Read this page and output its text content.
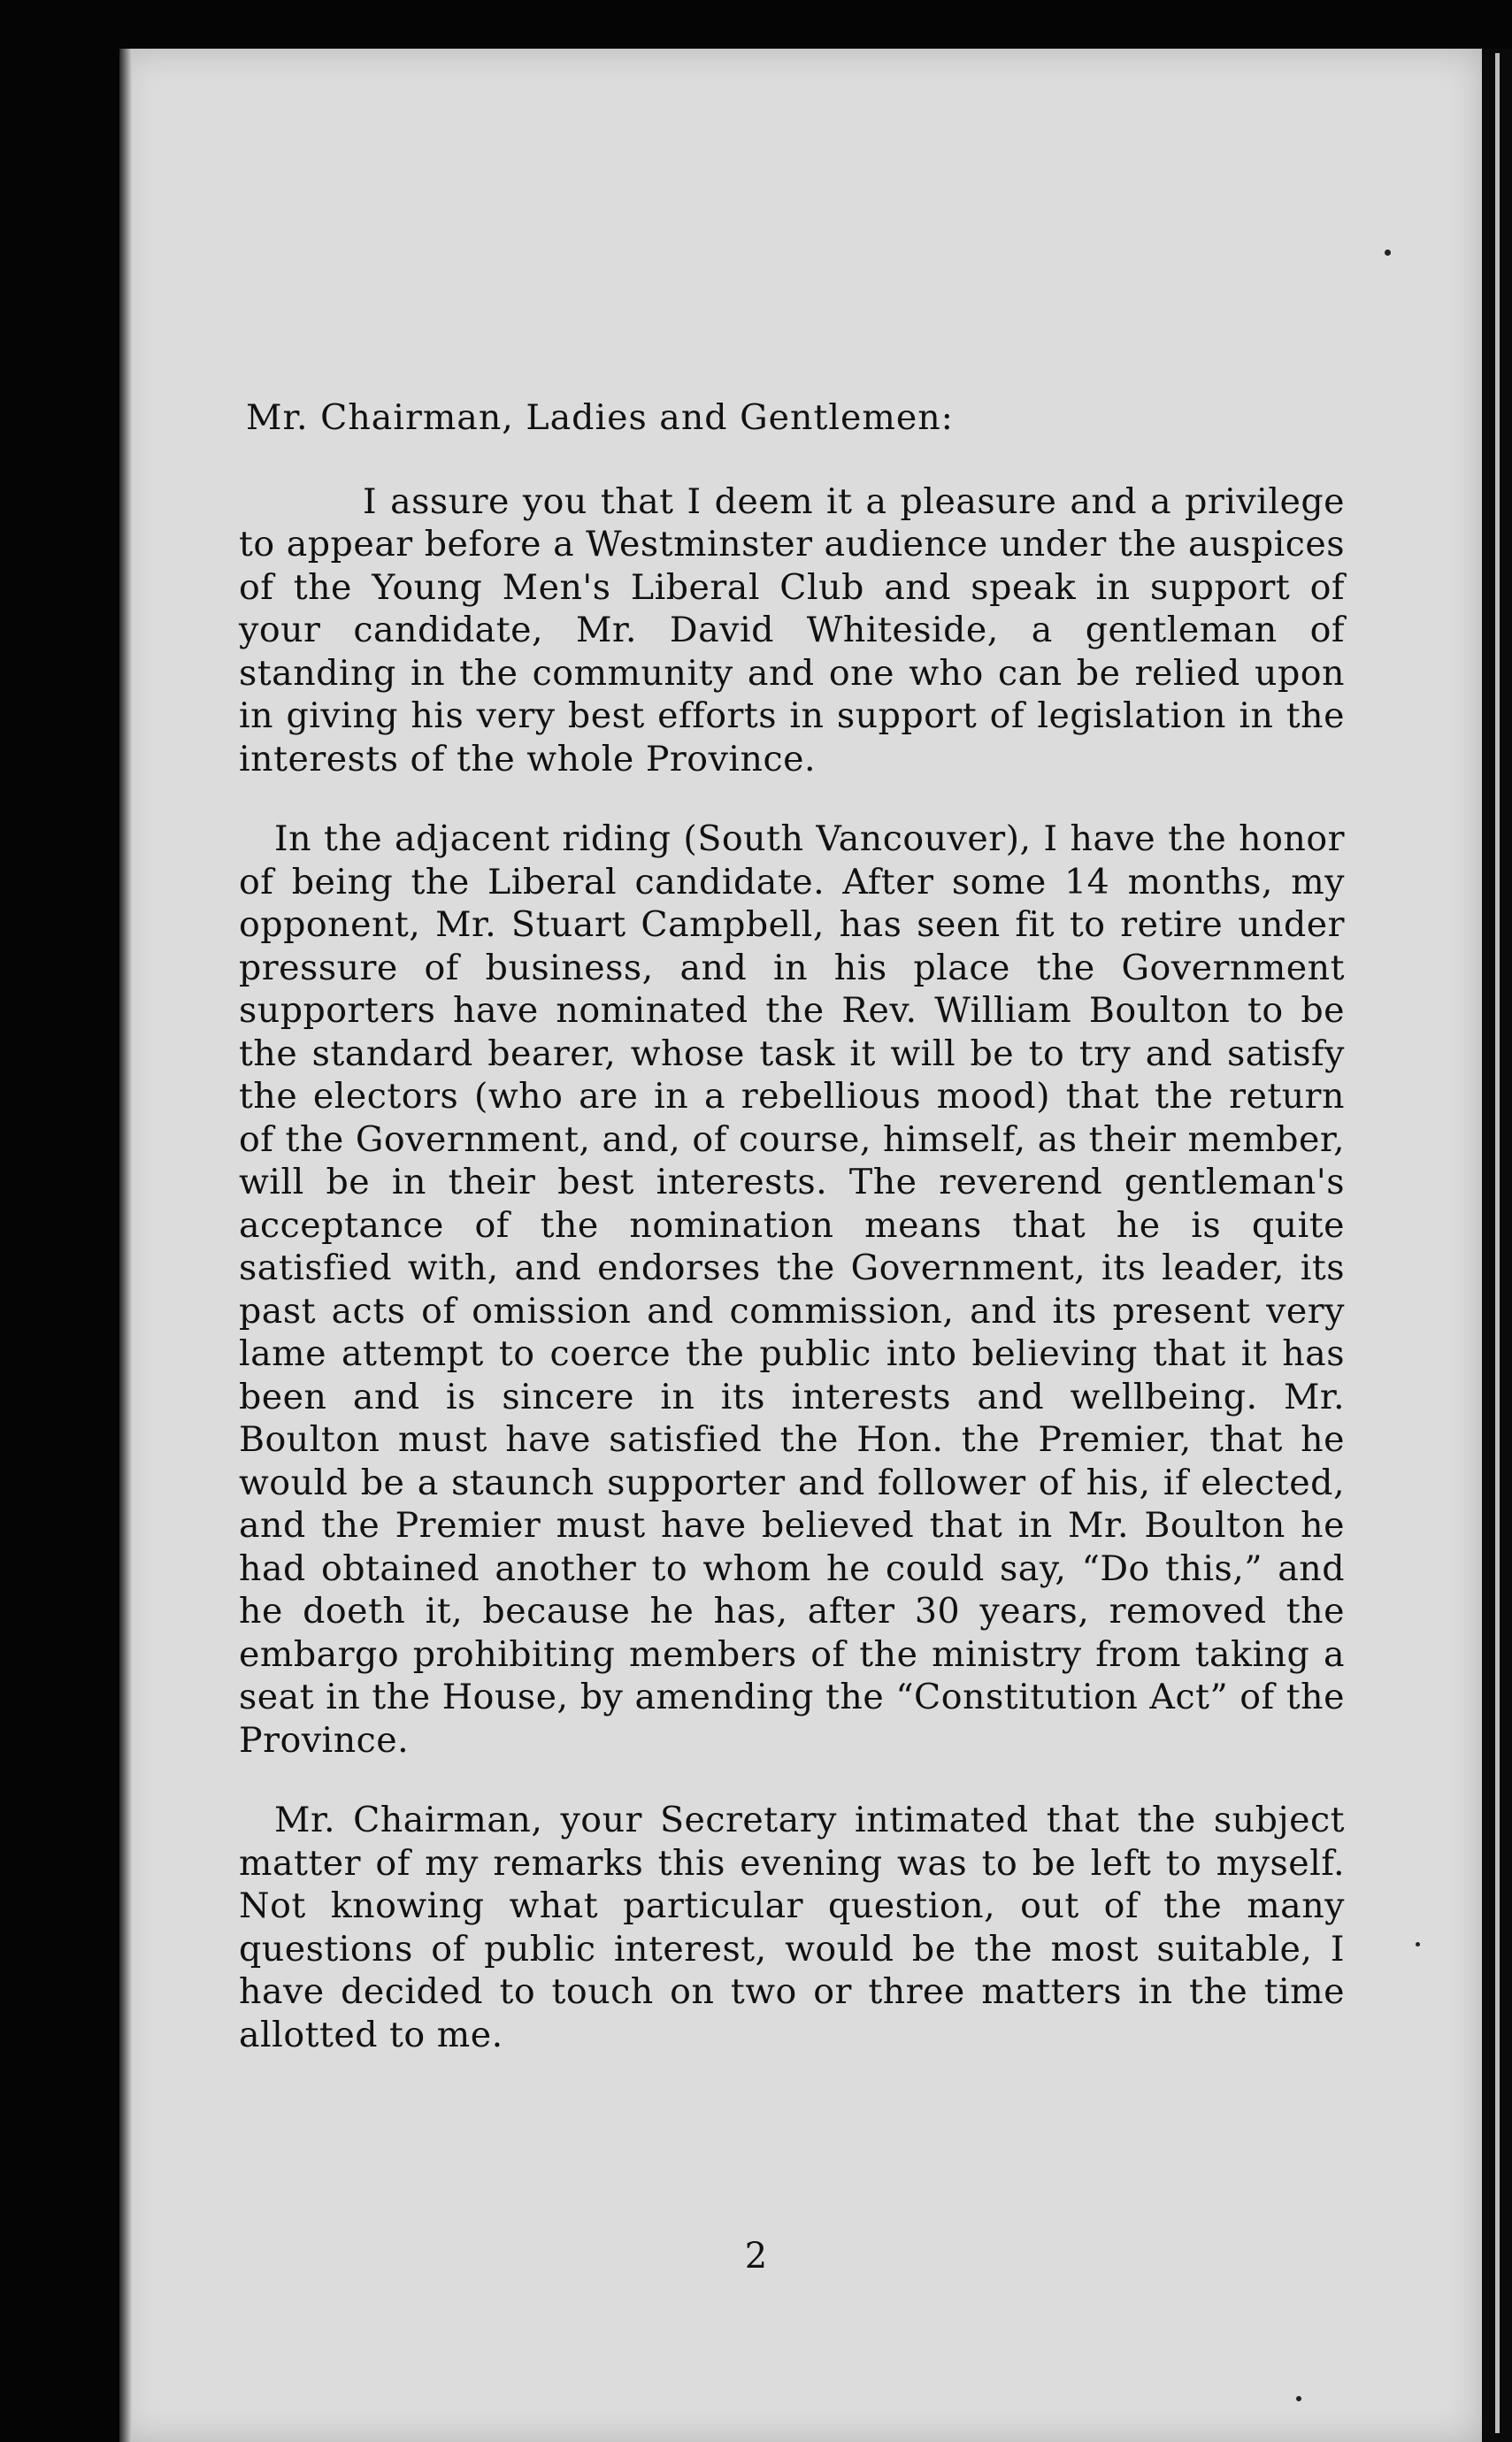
Mr. Chairman, Ladies and Gentlemen:

I assure you that I deem it a pleasure and a privilege to appear before a Westminster audience under the auspices of the Young Men's Liberal Club and speak in support of your candidate, Mr. David Whiteside, a gentleman of standing in the community and one who can be relied upon in giving his very best efforts in support of legislation in the interests of the whole Province.

In the adjacent riding (South Vancouver), I have the honor of being the Liberal candidate. After some 14 months, my opponent, Mr. Stuart Campbell, has seen fit to retire under pressure of business, and in his place the Government supporters have nominated the Rev. William Boulton to be the standard bearer, whose task it will be to try and satisfy the electors (who are in a rebellious mood) that the return of the Government, and, of course, himself, as their member, will be in their best interests. The reverend gentleman's acceptance of the nomination means that he is quite satisfied with, and endorses the Government, its leader, its past acts of omission and commission, and its present very lame attempt to coerce the public into believing that it has been and is sincere in its interests and wellbeing. Mr. Boulton must have satisfied the Hon. the Premier, that he would be a staunch supporter and follower of his, if elected, and the Premier must have believed that in Mr. Boulton he had obtained another to whom he could say, “Do this,” and he doeth it, because he has, after 30 years, removed the embargo prohibiting members of the ministry from taking a seat in the House, by amending the “Constitution Act” of the Province.

Mr. Chairman, your Secretary intimated that the subject matter of my remarks this evening was to be left to myself. Not knowing what particular question, out of the many questions of public interest, would be the most suitable, I have decided to touch on two or three matters in the time allotted to me.

2
